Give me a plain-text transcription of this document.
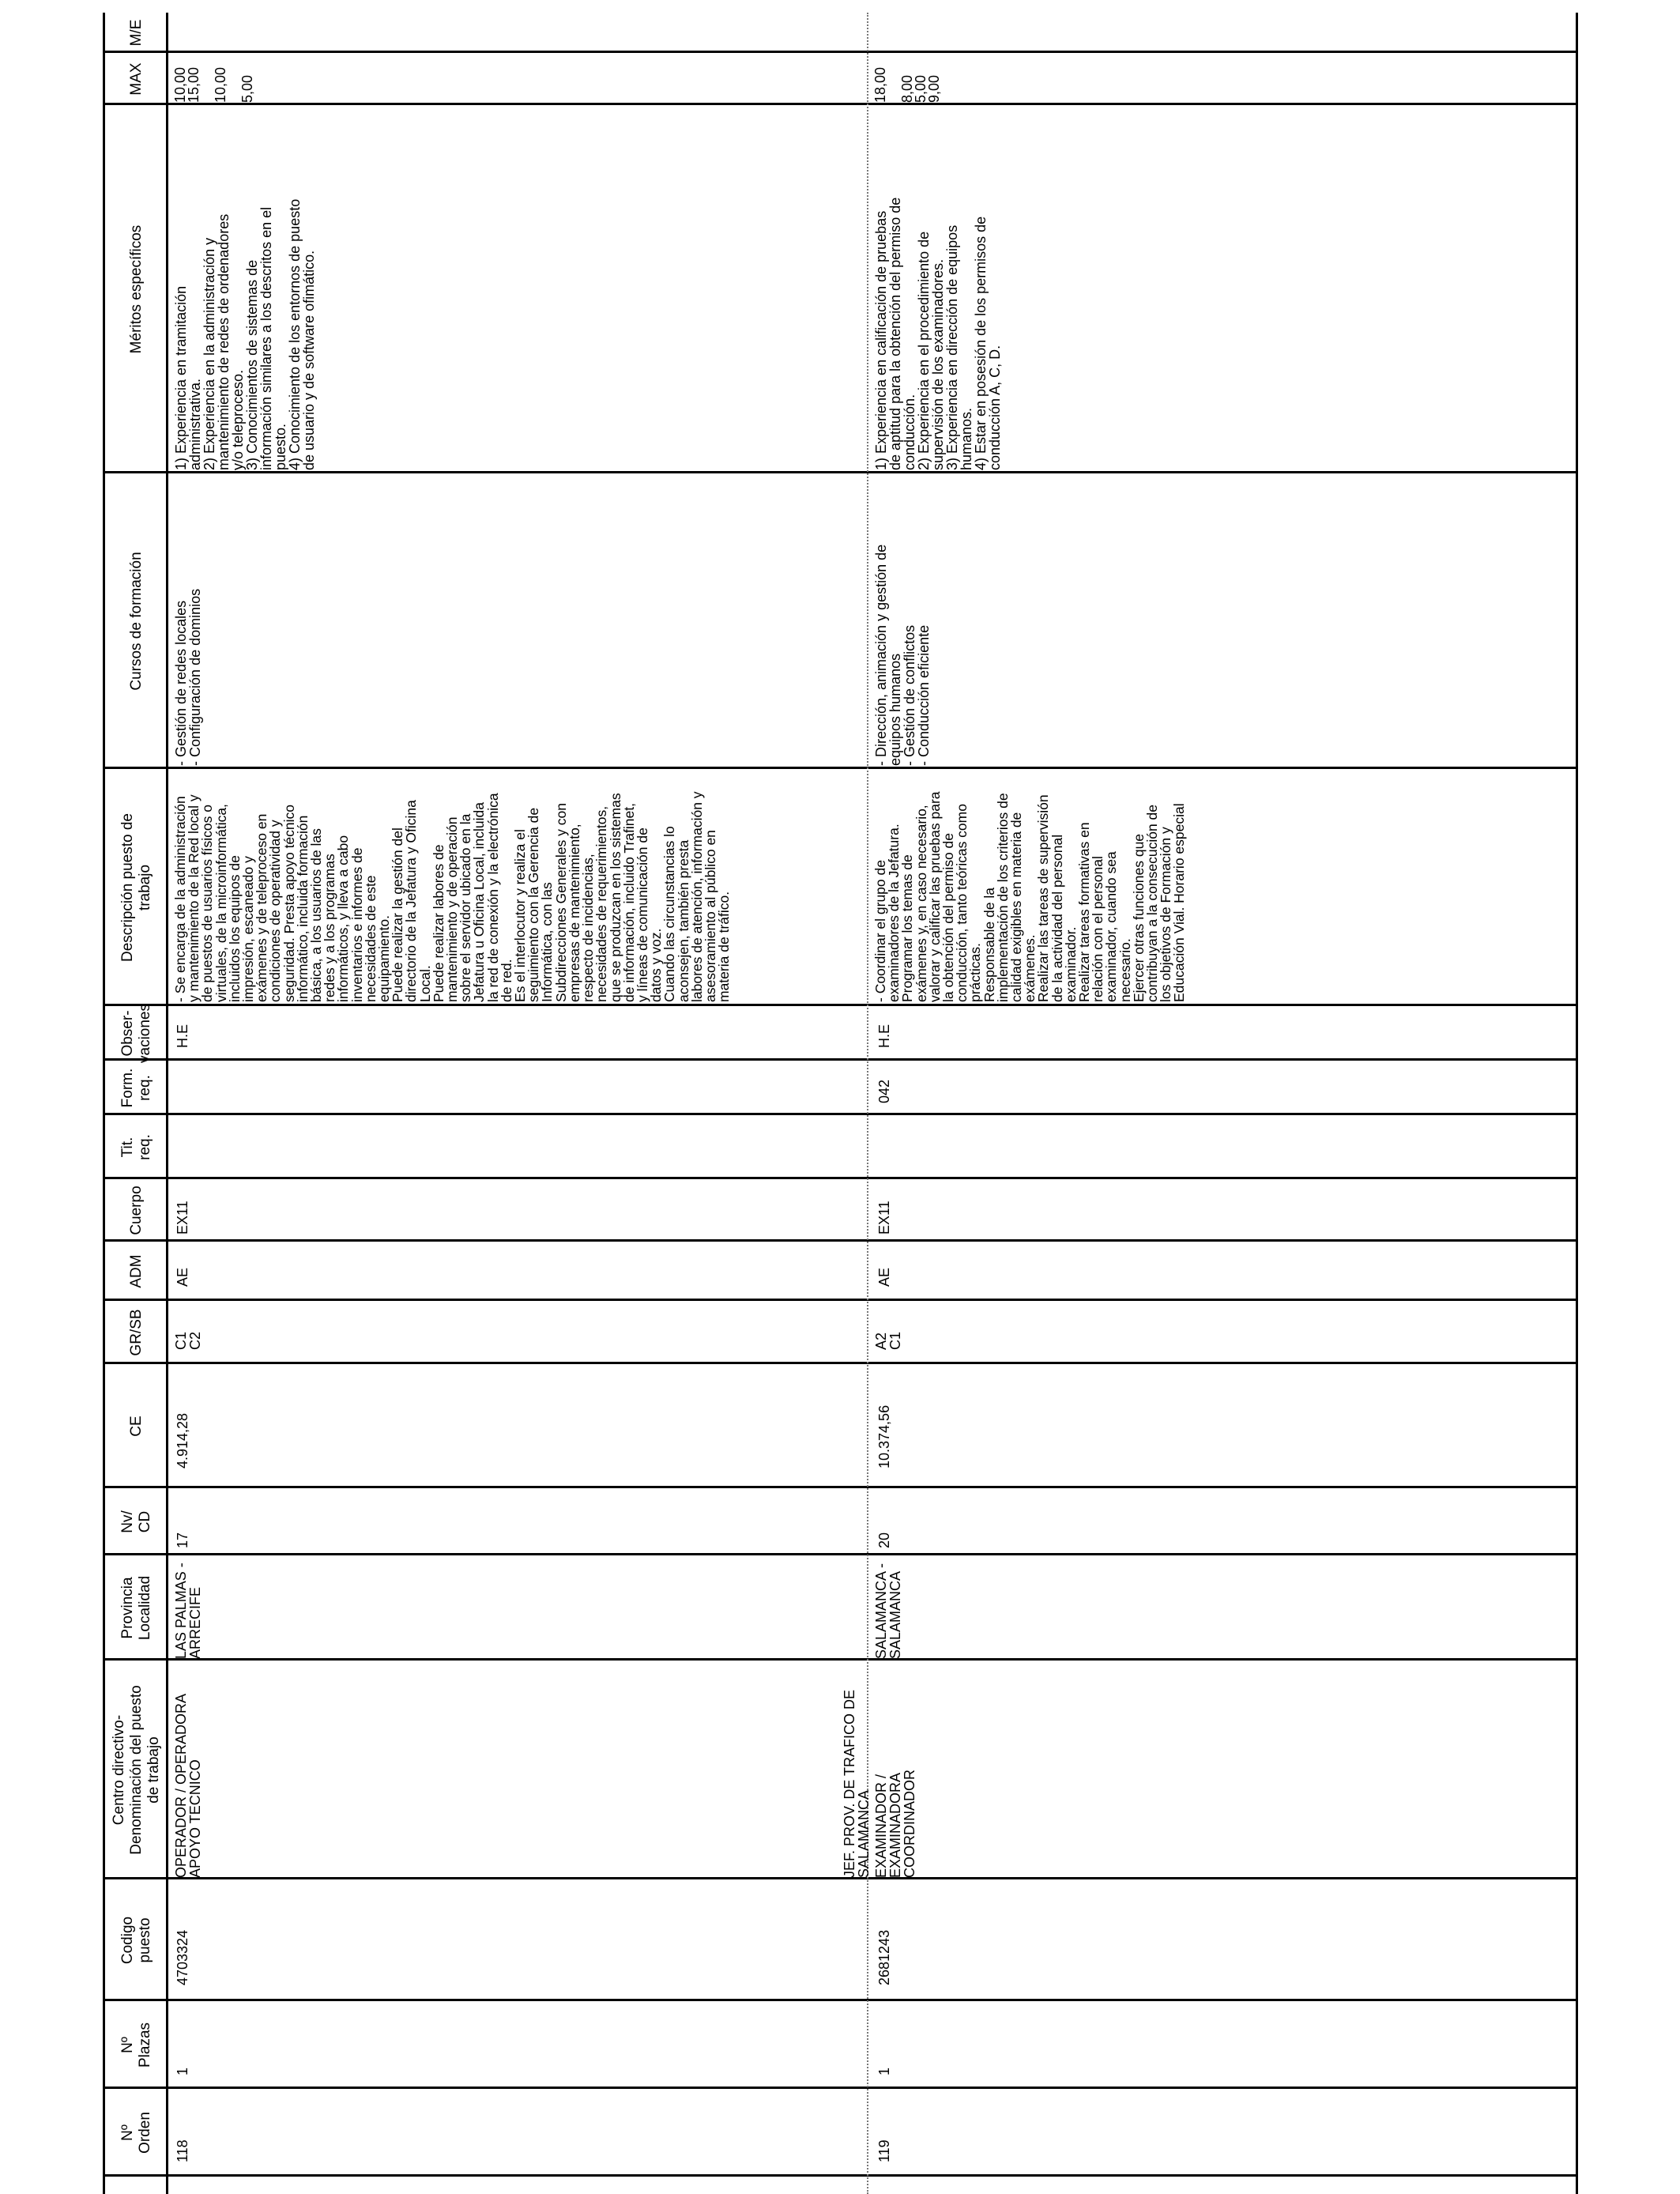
Nº
Orden
Nº
Plazas
Codigo
puesto
Centro directivo-
Denominación del puesto
de trabajo
Provincia
Localidad
Nv/
CD
CE
GR/SB
ADM
Cuerpo
Tit.
req.
Form.
req.
Obser-
vaciones
Descripción puesto de
trabajo
Cursos de formación
Méritos específicos
MAX
M/E
118
1
4703324
OPERADOR / OPERADORA
APOYO TECNICO
LAS PALMAS -
ARRECIFE
17
4.914,28
C1
C2
AE
EX11
H.E
- Se encarga de la administración
y mantenimiento de la Red local y
de puestos de usuarios físicos o
virtuales, de la microinformática,
incluidos los equipos de
impresión, escaneado y
exámenes y de teleproceso en
condiciones de operatividad y
seguridad. Presta apoyo técnico
informático, incluida formación
básica, a los usuarios de las
redes y a los programas
informáticos, y lleva a cabo
inventarios e informes de
necesidades de este
equipamiento.
Puede realizar la gestión del
directorio de la Jefatura y Oficina
Local.
Puede realizar labores de
mantenimiento y de operación
sobre el servidor ubicado en la
Jefatura u Oficina Local, incluida
la red de conexión y la electrónica
de red.
Es el interlocutor y realiza el
seguimiento con la Gerencia de
Informática, con las
Subdirecciones Generales y con
empresas de mantenimiento,
respecto de incidencias,
necesidades de requerimientos,
que se produzcan en los sistemas
de información, incluido Trafinet,
y líneas de comunicación de
datos y voz.
Cuando las circunstancias lo
aconsejen, también presta
labores de atención, información y
asesoramiento al público en
materia de tráfico.
- Gestión de redes locales
- Configuración de dominios
1) Experiencia en tramitación
administrativa.
2) Experiencia en la administración y
mantenimiento de redes de ordenadores
y/o teleproceso.
3) Conocimientos de sistemas de
información similares a los descritos en el
puesto.
4) Conocimiento de los entornos de puesto
de usuario y de software ofimático.
10,00
15,00

10,00

5,00
JEF. PROV. DE TRAFICO DE
SALAMANCA
119
1
2681243
EXAMINADOR /
EXAMINADORA
COORDINADOR
SALAMANCA -
SALAMANCA
20
10.374,56
A2
C1
AE
EX11
042
H.E
- Coordinar el grupo de
examinadores de la Jefatura.
Programar los temas de
exámenes y, en caso necesario,
valorar y calificar las pruebas para
la obtención del permiso de
conducción, tanto teóricas como
prácticas.
Responsable de la
implementación de los criterios de
calidad exigibles en materia de
exámenes.
Realizar las tareas de supervisión
de la actividad del personal
examinador.
Realizar tareas formativas en
relación con el personal
examinador, cuando sea
necesario.
Ejercer otras funciones que
contribuyan a la consecución de
los objetivos de Formación y
Educación Vial. Horario especial
- Dirección, animación y gestión de
equipos humanos
- Gestión de conflictos
- Conducción eficiente
1) Experiencia en calificación de pruebas
de aptitud para la obtención del permiso de
conducción.
2) Experiencia en el procedimiento de
supervisión de los examinadores.
3) Experiencia en dirección de equipos
humanos.
4) Estar en posesión de los permisos de
conducción A, C, D.
18,00

8,00
5,00
9,00
